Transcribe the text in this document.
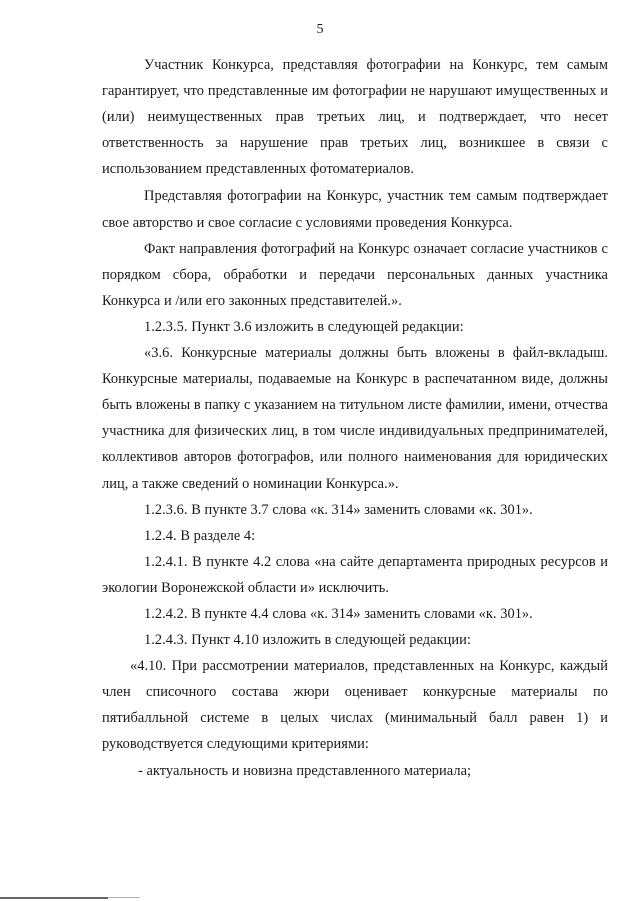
5

Участник Конкурса, представляя фотографии на Конкурс, тем самым гарантирует, что представленные им фотографии не нарушают имущественных и (или) неимущественных прав третьих лиц, и подтверждает, что несет ответственность за нарушение прав третьих лиц, возникшее в связи с использованием представленных фотоматериалов.

Представляя фотографии на Конкурс, участник тем самым подтверждает свое авторство и свое согласие с условиями проведения Конкурса.

Факт направления фотографий на Конкурс означает согласие участников с порядком сбора, обработки и передачи персональных данных участника Конкурса и /или его законных представителей.».

1.2.3.5. Пункт 3.6 изложить в следующей редакции:

«3.6. Конкурсные материалы должны быть вложены в файл-вкладыш. Конкурсные материалы, подаваемые на Конкурс в распечатанном виде, должны быть вложены в папку с указанием на титульном листе фамилии, имени, отчества участника для физических лиц, в том числе индивидуальных предпринимателей, коллективов авторов фотографов, или полного наименования для юридических лиц, а также сведений о номинации Конкурса.».

1.2.3.6. В пункте 3.7 слова «к. 314» заменить словами «к. 301».

1.2.4. В разделе 4:

1.2.4.1. В пункте 4.2 слова «на сайте департамента природных ресурсов и экологии Воронежской области и» исключить.

1.2.4.2. В пункте 4.4 слова «к. 314» заменить словами «к. 301».

1.2.4.3. Пункт 4.10 изложить в следующей редакции:

«4.10. При рассмотрении материалов, представленных на Конкурс, каждый член списочного состава жюри оценивает конкурсные материалы по пятибалльной системе в целых числах (минимальный балл равен 1) и руководствуется следующими критериями:

- актуальность и новизна представленного материала;
